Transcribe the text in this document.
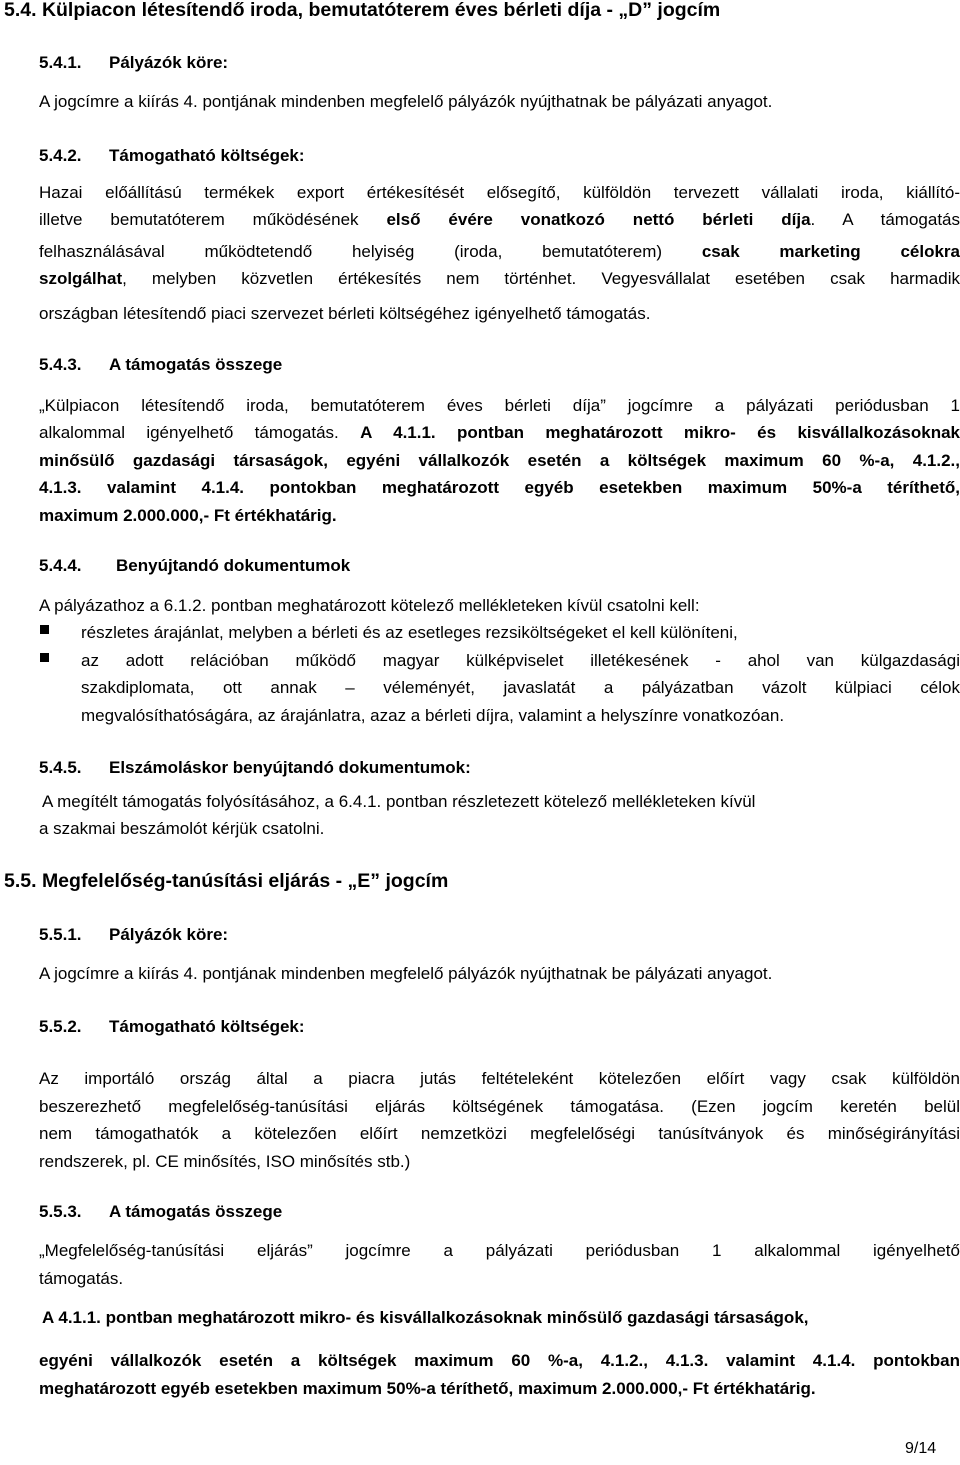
5.4. Külpiacon létesítendő iroda, bemutatóterem éves bérleti díja - „D” jogcím
5.4.1. Pályázók köre:
A jogcímre a kiírás 4. pontjának mindenben megfelelő pályázók nyújthatnak be pályázati anyagot.
5.4.2. Támogatható költségek:
Hazai előállítású termékek export értékesítését elősegítő, külföldön tervezett vállalati iroda, kiállító-
illetve bemutatóterem működésének első évére vonatkozó nettó bérleti díja. A támogatás
felhasználásával működtetendő helyiség (iroda, bemutatóterem) csak marketing célokra
szolgálhat, melyben közvetlen értékesítés nem történhet. Vegyesvállalat esetében csak harmadik
országban létesítendő piaci szervezet bérleti költségéhez igényelhető támogatás.
5.4.3. A támogatás összege
„Külpiacon létesítendő iroda, bemutatóterem éves bérleti díja” jogcímre a pályázati periódusban 1
alkalommal igényelhető támogatás. A 4.1.1. pontban meghatározott mikro- és kisvállalkozásoknak
minősülő gazdasági társaságok, egyéni vállalkozók esetén a költségek maximum 60 %-a, 4.1.2.,
4.1.3. valamint 4.1.4. pontokban meghatározott egyéb esetekben maximum 50%-a téríthető,
maximum 2.000.000,- Ft értékhatárig.
5.4.4. Benyújtandó dokumentumok
A pályázathoz a 6.1.2. pontban meghatározott kötelező mellékleteken kívül csatolni kell:
részletes árajánlat, melyben a bérleti és az esetleges rezsiköltségeket el kell különíteni,
az adott relációban működő magyar külképviselet illetékesének - ahol van külgazdasági
szakdiplomata, ott annak – véleményét, javaslatát a pályázatban vázolt külpiaci célok
megvalósíthatóságára, az árajánlatra, azaz a bérleti díjra, valamint a helyszínre vonatkozóan.
5.4.5. Elszámoláskor benyújtandó dokumentumok:
A megítélt támogatás folyósításához, a 6.4.1. pontban részletezett kötelező mellékleteken kívül
a szakmai beszámolót kérjük csatolni.
5.5. Megfelelőség-tanúsítási eljárás - „E” jogcím
5.5.1. Pályázók köre:
A jogcímre a kiírás 4. pontjának mindenben megfelelő pályázók nyújthatnak be pályázati anyagot.
5.5.2. Támogatható költségek:
Az importáló ország által a piacra jutás feltételeként kötelezően előírt vagy csak külföldön
beszerezhető megfelelőség-tanúsítási eljárás költségének támogatása. (Ezen jogcím keretén belül
nem támogathatók a kötelezően előírt nemzetközi megfelelőségi tanúsítványok és minőségirányítási
rendszerek, pl. CE minősítés, ISO minősítés stb.)
5.5.3. A támogatás összege
„Megfelelőség-tanúsítási eljárás” jogcímre a pályázati periódusban 1 alkalommal igényelhető
támogatás.
A 4.1.1. pontban meghatározott mikro- és kisvállalkozásoknak minősülő gazdasági társaságok,
egyéni vállalkozók esetén a költségek maximum 60 %-a, 4.1.2., 4.1.3. valamint 4.1.4. pontokban
meghatározott egyéb esetekben maximum 50%-a téríthető, maximum 2.000.000,- Ft értékhatárig.
9/14
